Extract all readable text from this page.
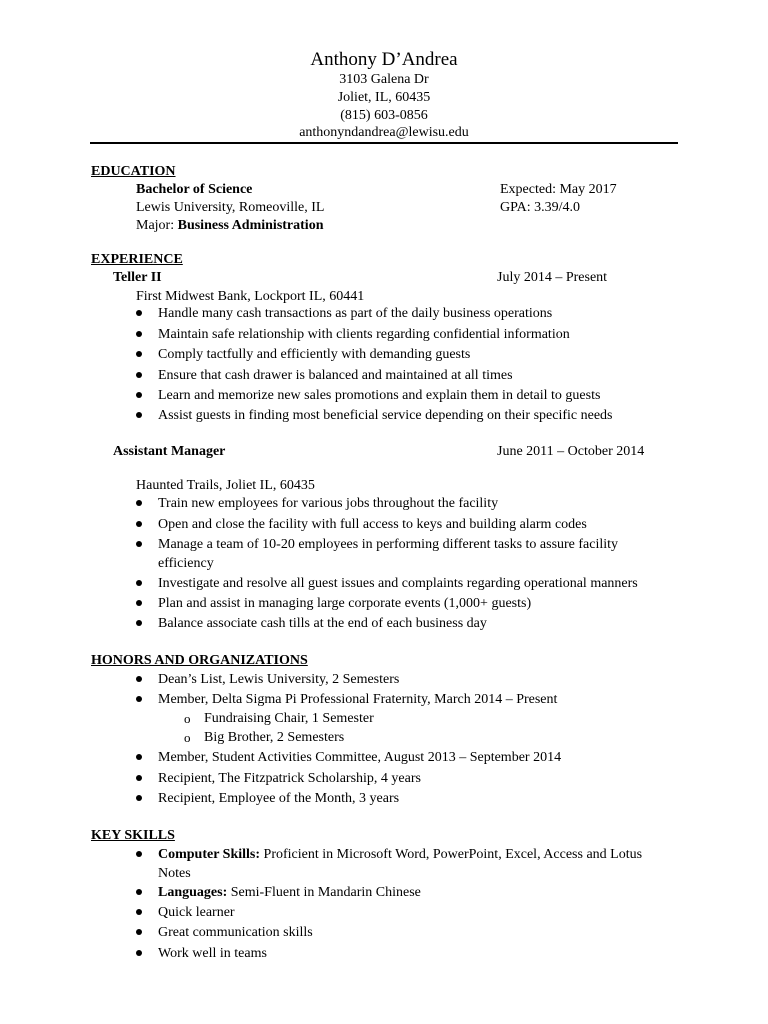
Anthony D’Andrea
3103 Galena Dr
Joliet, IL, 60435
(815) 603-0856
anthonyndandrea@lewisu.edu
EDUCATION
Bachelor of Science	Expected: May 2017
Lewis University, Romeoville, IL	GPA: 3.39/4.0
Major: Business Administration
EXPERIENCE
Teller II	July 2014 – Present
First Midwest Bank, Lockport IL, 60441
Handle many cash transactions as part of the daily business operations
Maintain safe relationship with clients regarding confidential information
Comply tactfully and efficiently with demanding guests
Ensure that cash drawer is balanced and maintained at all times
Learn and memorize new sales promotions and explain them in detail to guests
Assist guests in finding most beneficial service depending on their specific needs
Assistant Manager	June 2011 – October 2014
Haunted Trails, Joliet IL, 60435
Train new employees for various jobs throughout the facility
Open and close the facility with full access to keys and building alarm codes
Manage a team of 10-20 employees in performing different tasks to assure facility efficiency
Investigate and resolve all guest issues and complaints regarding operational manners
Plan and assist in managing large corporate events (1,000+ guests)
Balance associate cash tills at the end of each business day
HONORS AND ORGANIZATIONS
Dean’s List, Lewis University, 2 Semesters
Member, Delta Sigma Pi Professional Fraternity, March 2014 – Present
o Fundraising Chair, 1 Semester
o Big Brother, 2 Semesters
Member, Student Activities Committee, August 2013 – September 2014
Recipient, The Fitzpatrick Scholarship, 4 years
Recipient, Employee of the Month, 3 years
KEY SKILLS
Computer Skills: Proficient in Microsoft Word, PowerPoint, Excel, Access and Lotus Notes
Languages: Semi-Fluent in Mandarin Chinese
Quick learner
Great communication skills
Work well in teams
